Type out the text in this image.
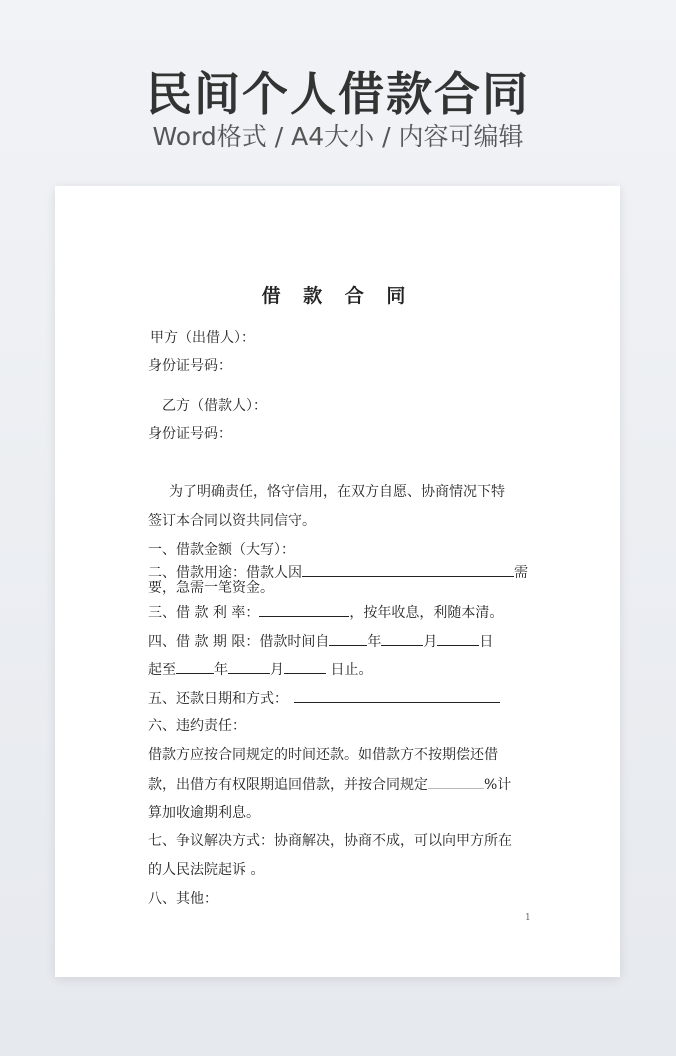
民间个人借款合同
Word格式 / A4大小 / 内容可编辑
借 款 合 同
甲方（出借人）：
身份证号码：
乙方（借款人）：
身份证号码：
为了明确责任，恪守信用，在双方自愿、协商情况下特
签订本合同以资共同信守。
一、借款金额（大写）：
二、借款用途：借款人因	需
要，急需一笔资金。
三、借 款 利 率：	，按年收息，利随本清。
四、借 款 期 限：借款时间自	年	月	日
起至	年	月	日止。
五、还款日期和方式：
六、违约责任：
借款方应按合同规定的时间还款。如借款方不按期偿还借
款，出借方有权限期追回借款，并按合同规定	%计
算加收逾期利息。
七、争议解决方式：协商解决，协商不成，可以向甲方所在
的人民法院起诉 。
八、其他：
1
